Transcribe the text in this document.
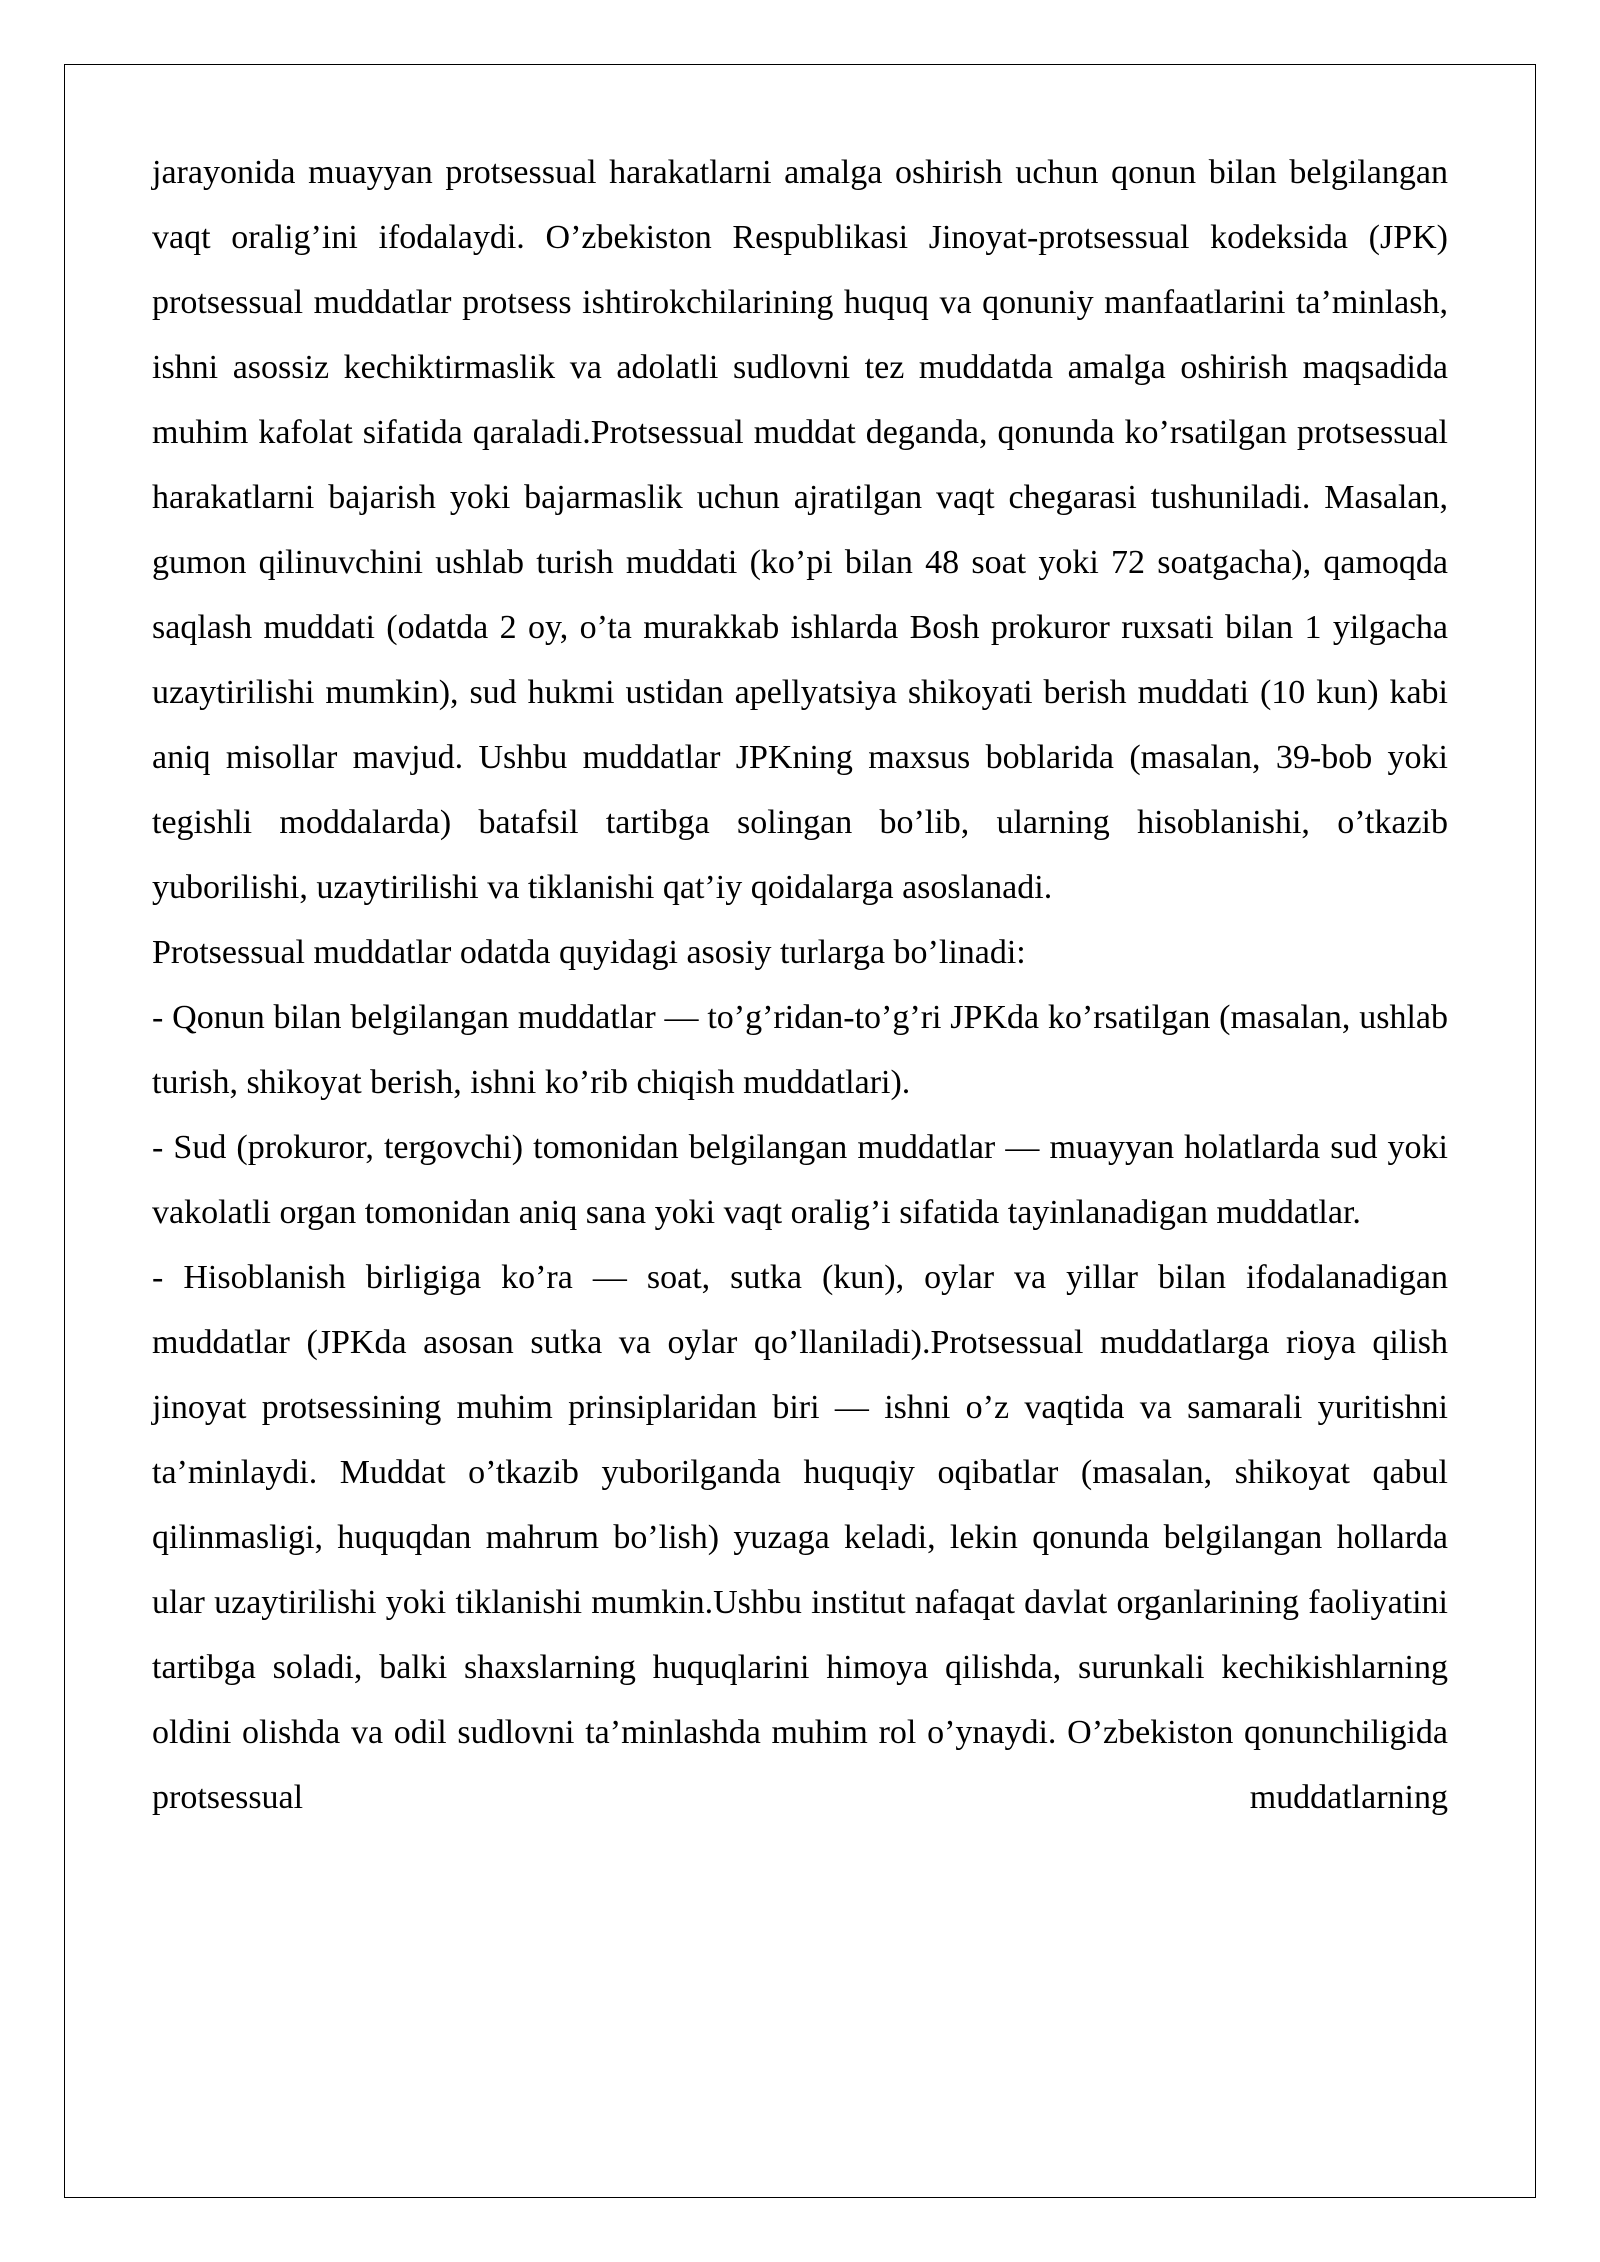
jarayonida muayyan protsessual harakatlarni amalga oshirish uchun qonun bilan belgilangan vaqt oralig’ini ifodalaydi. O’zbekiston Respublikasi Jinoyat-protsessual kodeksida (JPK) protsessual muddatlar protsess ishtirokchilarining huquq va qonuniy manfaatlarini ta’minlash, ishni asossiz kechiktirmaslik va adolatli sudlovni tez muddatda amalga oshirish maqsadida muhim kafolat sifatida qaraladi.Protsessual muddat deganda, qonunda ko’rsatilgan protsessual harakatlarni bajarish yoki bajarmaslik uchun ajratilgan vaqt chegarasi tushuniladi. Masalan, gumon qilinuvchini ushlab turish muddati (ko’pi bilan 48 soat yoki 72 soatgacha), qamoqda saqlash muddati (odatda 2 oy, o’ta murakkab ishlarda Bosh prokuror ruxsati bilan 1 yilgacha uzaytirilishi mumkin), sud hukmi ustidan apellyatsiya shikoyati berish muddati (10 kun) kabi aniq misollar mavjud. Ushbu muddatlar JPKning maxsus boblarida (masalan, 39-bob yoki tegishli moddalarda) batafsil tartibga solingan bo’lib, ularning hisoblanishi, o’tkazib yuborilishi, uzaytirilishi va tiklanishi qat’iy qoidalarga asoslanadi.

Protsessual muddatlar odatda quyidagi asosiy turlarga bo’linadi:

- Qonun bilan belgilangan muddatlar — to’g’ridan-to’g’ri JPKda ko’rsatilgan (masalan, ushlab turish, shikoyat berish, ishni ko’rib chiqish muddatlari).

- Sud (prokuror, tergovchi) tomonidan belgilangan muddatlar — muayyan holatlarda sud yoki vakolatli organ tomonidan aniq sana yoki vaqt oralig’i sifatida tayinlanadigan muddatlar.

- Hisoblanish birligiga ko’ra — soat, sutka (kun), oylar va yillar bilan ifodalanadigan muddatlar (JPKda asosan sutka va oylar qo’llaniladi).Protsessual muddatlarga rioya qilish jinoyat protsessining muhim prinsiplaridan biri — ishni o’z vaqtida va samarali yuritishni ta’minlaydi. Muddat o’tkazib yuborilganda huquqiy oqibatlar (masalan, shikoyat qabul qilinmasligi, huquqdan mahrum bo’lish) yuzaga keladi, lekin qonunda belgilangan hollarda ular uzaytirilishi yoki tiklanishi mumkin.Ushbu institut nafaqat davlat organlarining faoliyatini tartibga soladi, balki shaxslarning huquqlarini himoya qilishda, surunkali kechikishlarning oldini olishda va odil sudlovni ta’minlashda muhim rol o’ynaydi. O’zbekiston qonunchiligida protsessual muddatlarning
